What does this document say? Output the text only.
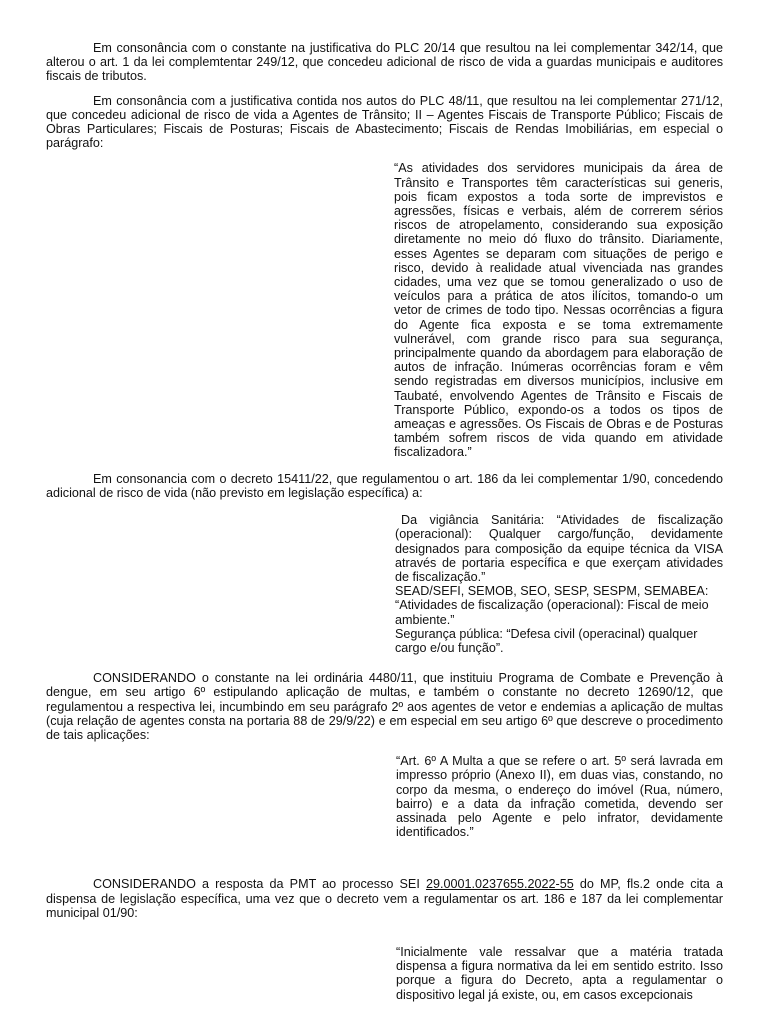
Em consonância com o constante na justificativa do PLC 20/14 que resultou na lei complementar 342/14, que alterou o art. 1 da lei complemtentar 249/12, que concedeu adicional de risco de vida a guardas municipais e auditores fiscais de tributos.

Em consonância com a justificativa contida nos autos do PLC 48/11, que resultou na lei complementar 271/12, que concedeu adicional de risco de vida a Agentes de Trânsito; II – Agentes Fiscais de Transporte Público; Fiscais de Obras Particulares; Fiscais de Posturas; Fiscais de Abastecimento; Fiscais de Rendas Imobiliárias, em especial o parágrafo:

“As atividades dos servidores municipais da área de Trânsito e Transportes têm características sui generis, pois ficam expostos a toda sorte de imprevistos e agressões, físicas e verbais, além de correrem sérios riscos de atropelamento, considerando sua exposição diretamente no meio dó fluxo do trânsito. Diariamente, esses Agentes se deparam com situações de perigo e risco, devido à realidade atual vivenciada nas grandes cidades, uma vez que se tomou generalizado o uso de veículos para a prática de atos ilícitos, tomando-o um vetor de crimes de todo tipo. Nessas ocorrências a figura do Agente fica exposta e se toma extremamente vulnerável, com grande risco para sua segurança, principalmente quando da abordagem para elaboração de autos de infração. Inúmeras ocorrências foram e vêm sendo registradas em diversos municípios, inclusive em Taubaté, envolvendo Agentes de Trânsito e Fiscais de Transporte Público, expondo-os a todos os tipos de ameaças e agressões. Os Fiscais de Obras e de Posturas também sofrem riscos de vida quando em atividade fiscalizadora.”

Em consonancia com o decreto 15411/22, que regulamentou o art. 186 da lei complementar 1/90, concedendo adicional de risco de vida (não previsto em legislação específica) a:

Da vigiância Sanitária: “Atividades de fiscalização (operacional): Qualquer cargo/função, devidamente designados para composição da equipe técnica da VISA através de portaria específica e que exerçam atividades de fiscalização.”

SEAD/SEFI, SEMOB, SEO, SESP, SESPM, SEMABEA:

“Atividades de fiscalização (operacional): Fiscal de meio ambiente.”

Segurança pública: “Defesa civil (operacinal) qualquer cargo e/ou função”.

CONSIDERANDO o constante na lei ordinária 4480/11, que instituiu Programa de Combate e Prevenção à dengue, em seu artigo 6º estipulando aplicação de multas, e também o constante no decreto 12690/12, que regulamentou a respectiva lei, incumbindo em seu parágrafo 2º aos agentes de vetor e endemias a aplicação de multas (cuja relação de agentes consta na portaria 88 de 29/9/22) e em especial em seu artigo 6º que descreve o procedimento de tais aplicações:

“Art. 6º A Multa a que se refere o art. 5º será lavrada em impresso próprio (Anexo II), em duas vias, constando, no corpo da mesma, o endereço do imóvel (Rua, número, bairro) e a data da infração cometida, devendo ser assinada pelo Agente e pelo infrator, devidamente identificados.”

CONSIDERANDO a resposta da PMT ao processo SEI 29.0001.0237655.2022-55 do MP, fls.2 onde cita a dispensa de legislação específica, uma vez que o decreto vem a regulamentar os art. 186 e 187 da lei complementar municipal 01/90:

“Inicialmente vale ressalvar que a matéria tratada dispensa a figura normativa da lei em sentido estrito. Isso porque a figura do Decreto, apta a regulamentar o dispositivo legal já existe, ou, em casos excepcionais
